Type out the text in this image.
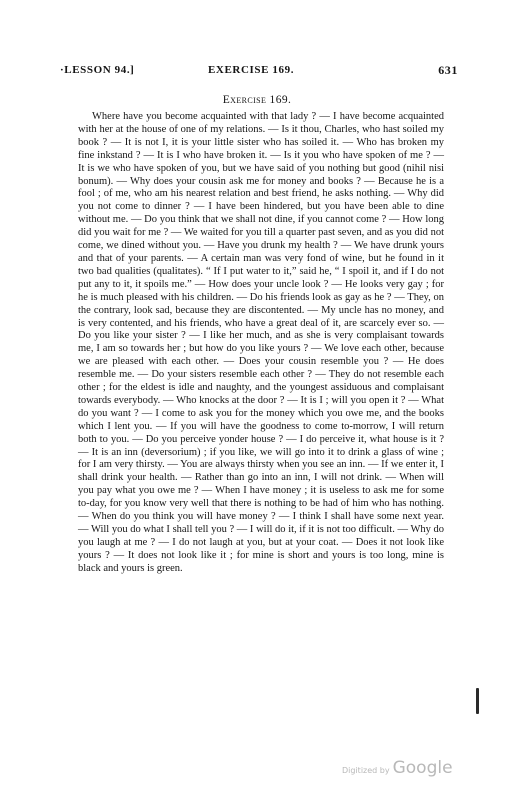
·LESSON 94.]	EXERCISE 169.	631
Exercise 169.
Where have you become acquainted with that lady ? — I have become acquainted with her at the house of one of my relations. — Is it thou, Charles, who hast soiled my book ? — It is not I, it is your little sister who has soiled it. — Who has broken my fine inkstand ? — It is I who have broken it. — Is it you who have spoken of me ? — It is we who have spoken of you, but we have said of you nothing but good (nihil nisi bonum). — Why does your cousin ask me for money and books ? — Because he is a fool ; of me, who am his nearest relation and best friend, he asks nothing. — Why did you not come to dinner ? — I have been hindered, but you have been able to dine without me. — Do you think that we shall not dine, if you cannot come ? — How long did you wait for me ? — We waited for you till a quarter past seven, and as you did not come, we dined without you. — Have you drunk my health ? — We have drunk yours and that of your parents. — A certain man was very fond of wine, but he found in it two bad qualities (qualitates). “ If I put water to it,” said he, “ I spoil it, and if I do not put any to it, it spoils me.” — How does your uncle look ? — He looks very gay ; for he is much pleased with his children. — Do his friends look as gay as he ? — They, on the contrary, look sad, because they are discontented. — My uncle has no money, and is very contented, and his friends, who have a great deal of it, are scarcely ever so. — Do you like your sister ? — I like her much, and as she is very complaisant towards me, I am so towards her ; but how do you like yours ? — We love each other, because we are pleased with each other. — Does your cousin resemble you ? — He does resemble me. — Do your sisters resemble each other ? — They do not resemble each other ; for the eldest is idle and naughty, and the youngest assiduous and complaisant towards everybody. — Who knocks at the door ? — It is I ; will you open it ? — What do you want ? — I come to ask you for the money which you owe me, and the books which I lent you. — If you will have the goodness to come to-morrow, I will return both to you. — Do you perceive yonder house ? — I do perceive it, what house is it ? — It is an inn (deversorium) ; if you like, we will go into it to drink a glass of wine ; for I am very thirsty. — You are always thirsty when you see an inn. — If we enter it, I shall drink your health. — Rather than go into an inn, I will not drink. — When will you pay what you owe me ? — When I have money ; it is useless to ask me for some to-day, for you know very well that there is nothing to be had of him who has nothing. — When do you think you will have money ? — I think I shall have some next year. — Will you do what I shall tell you ? — I will do it, if it is not too difficult. — Why do you laugh at me ? — I do not laugh at you, but at your coat. — Does it not look like yours ? — It does not look like it ; for mine is short and yours is too long, mine is black and yours is green.
Digitized by Google
